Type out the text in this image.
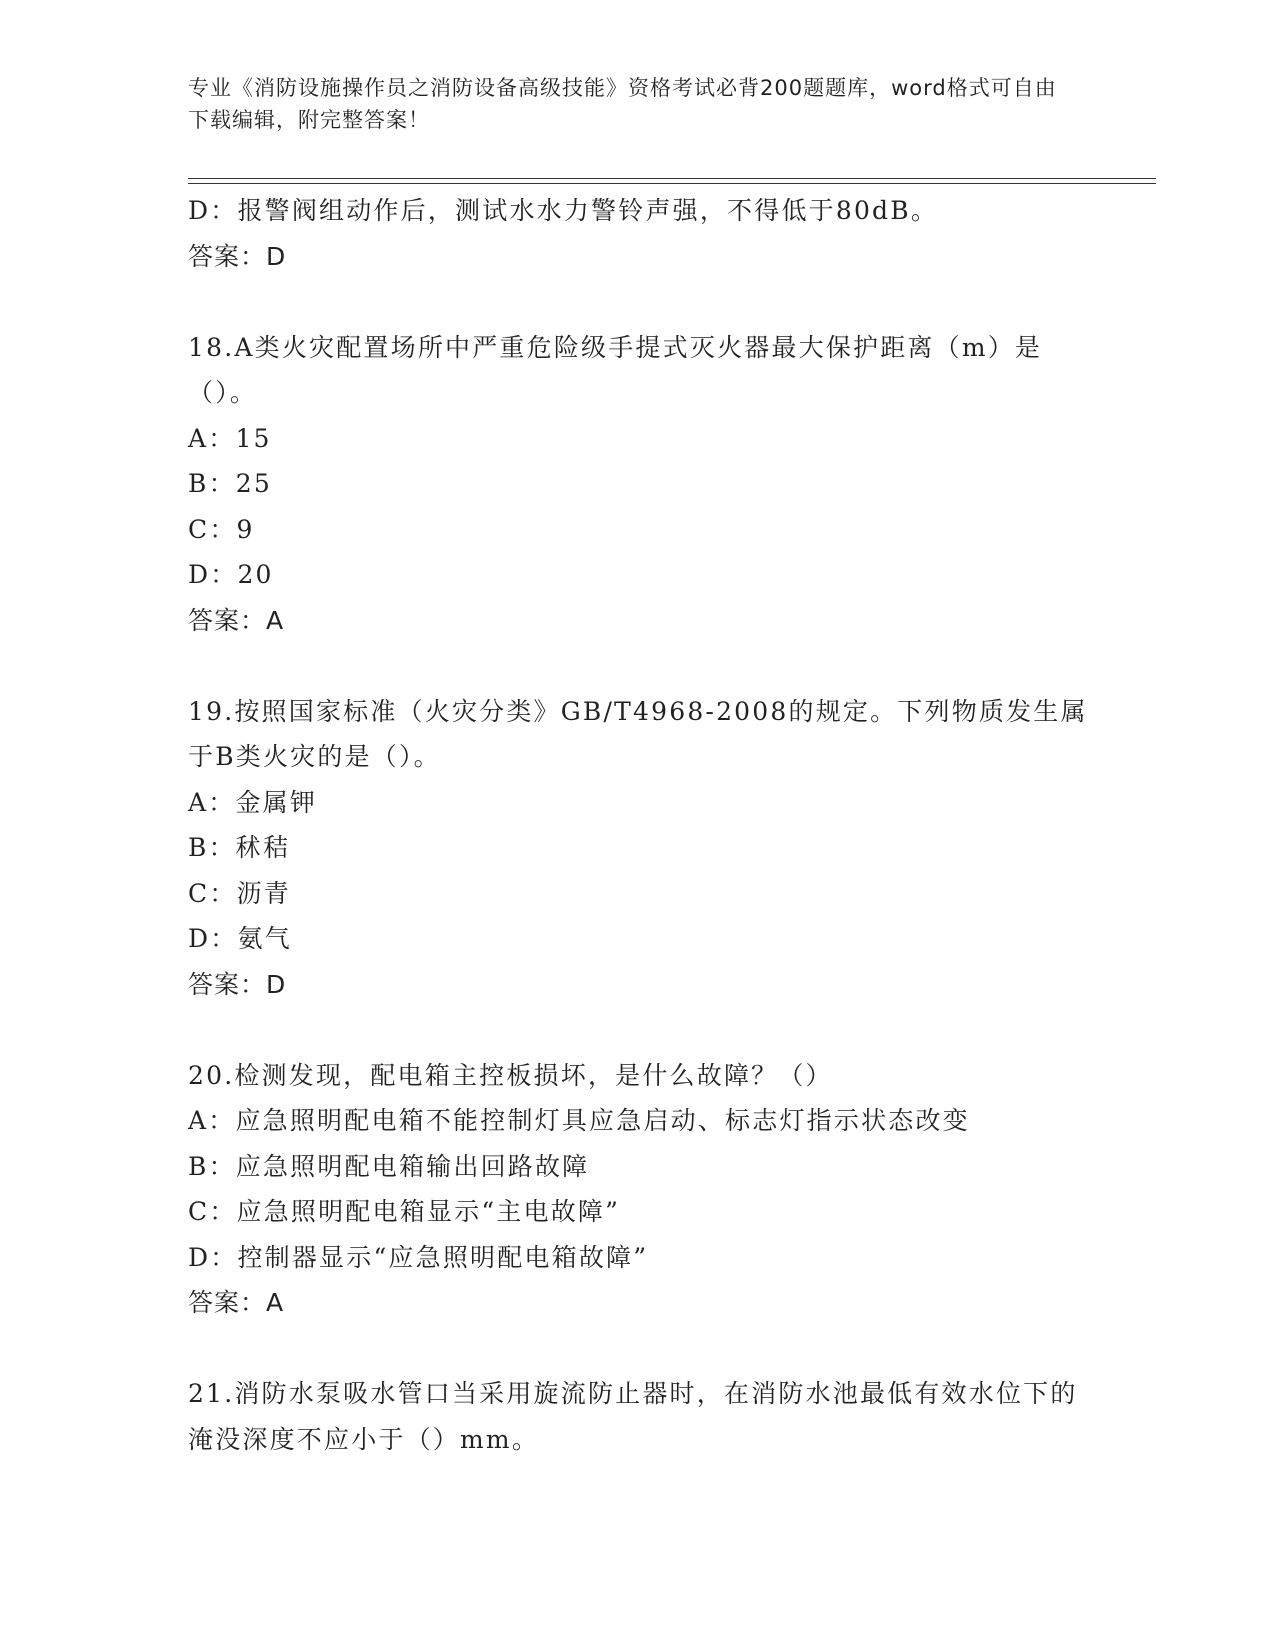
专业《消防设施操作员之消防设备高级技能》资格考试必背200题题库，word格式可自由下载编辑，附完整答案！
D：报警阀组动作后，测试水水力警铃声强，不得低于80dB。
答案：D
18.A类火灾配置场所中严重危险级手提式灭火器最大保护距离（m）是（）。
A：15
B：25
C：9
D：20
答案：A
19.按照国家标准（火灾分类》GB/T4968-2008的规定。下列物质发生属于B类火灾的是（）。
A：金属钾
B：秫秸
C：沥青
D：氨气
答案：D
20.检测发现，配电箱主控板损坏，是什么故障？（）
A：应急照明配电箱不能控制灯具应急启动、标志灯指示状态改变
B：应急照明配电箱输出回路故障
C：应急照明配电箱显示“主电故障”
D：控制器显示“应急照明配电箱故障”
答案：A
21.消防水泵吸水管口当采用旋流防止器时，在消防水池最低有效水位下的淹没深度不应小于（）mm。
